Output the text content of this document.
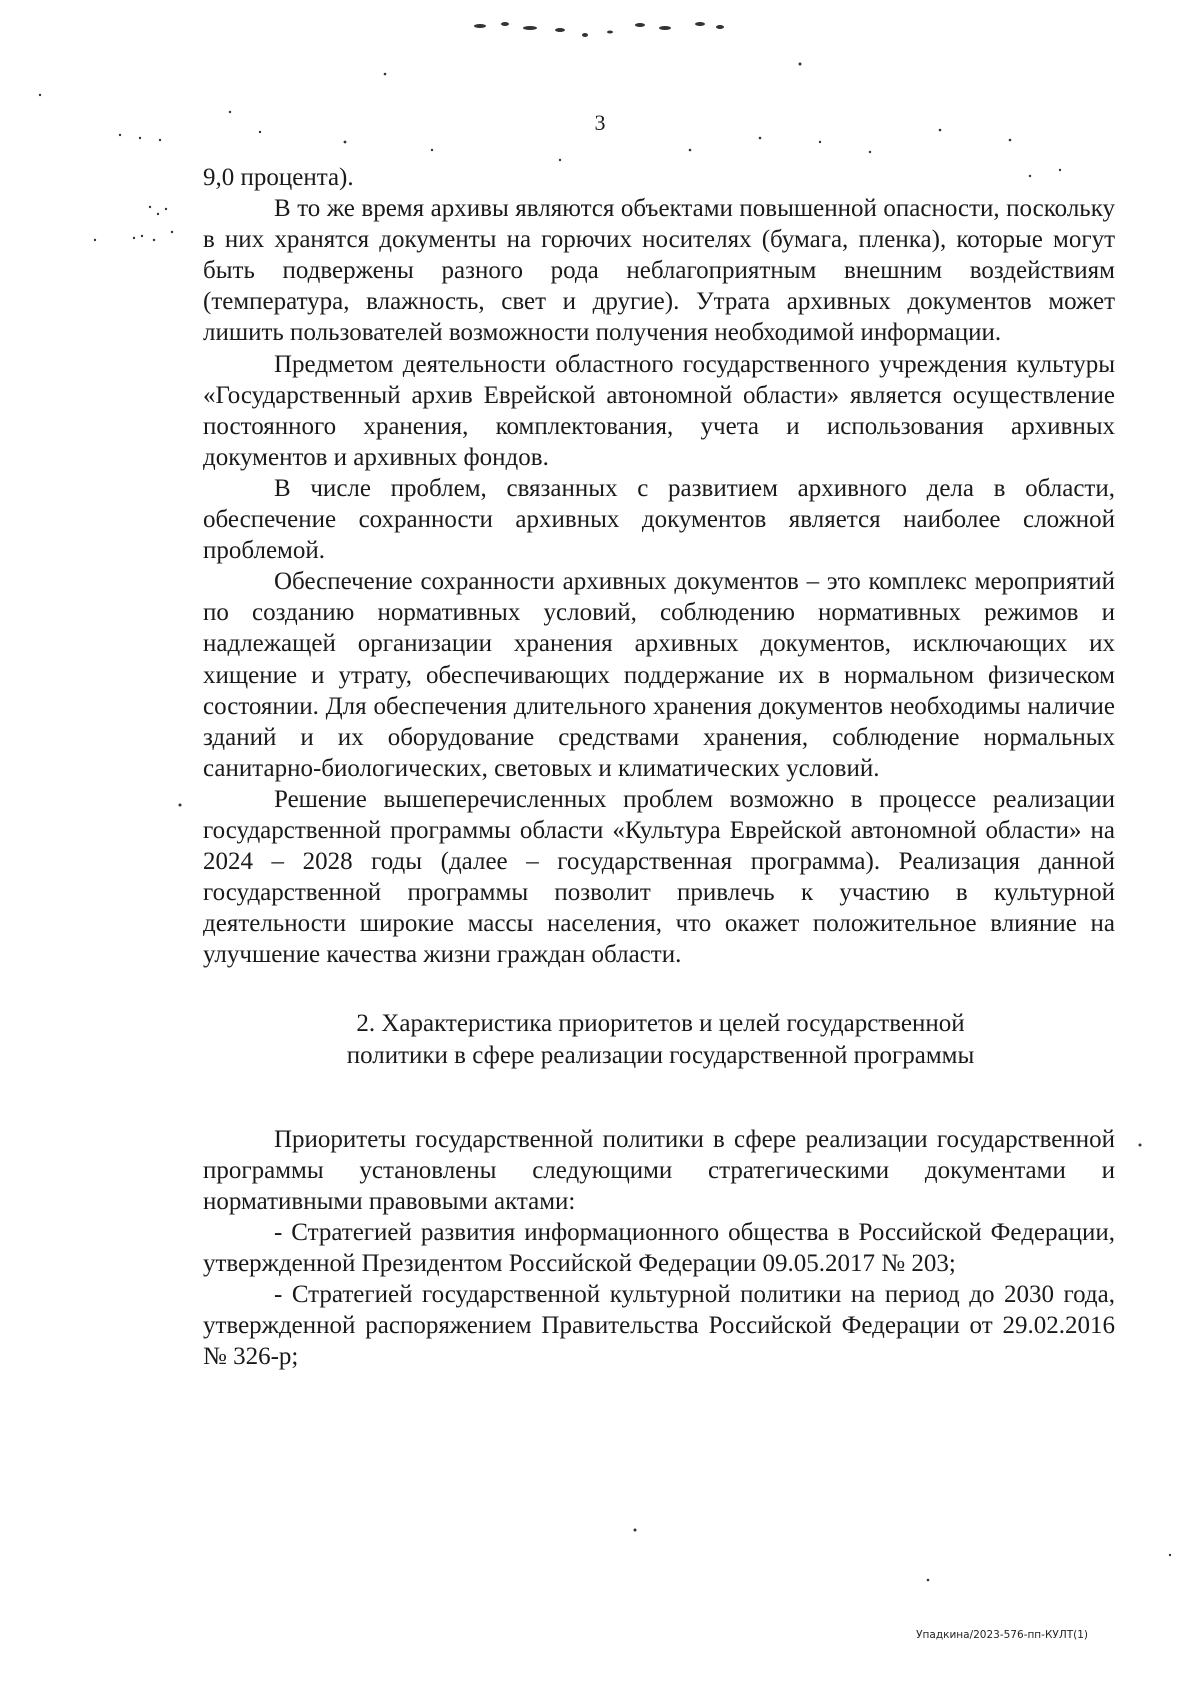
3

9,0 процента).

В то же время архивы являются объектами повышенной опасности, поскольку в них хранятся документы на горючих носителях (бумага, пленка), которые могут быть подвержены разного рода неблагоприятным внешним воздействиям (температура, влажность, свет и другие). Утрата архивных документов может лишить пользователей возможности получения необходимой информации.

Предметом деятельности областного государственного учреждения культуры «Государственный архив Еврейской автономной области» является осуществление постоянного хранения, комплектования, учета и использования архивных документов и архивных фондов.

В числе проблем, связанных с развитием архивного дела в области, обеспечение сохранности архивных документов является наиболее сложной проблемой.

Обеспечение сохранности архивных документов – это комплекс мероприятий по созданию нормативных условий, соблюдению нормативных режимов и надлежащей организации хранения архивных документов, исключающих их хищение и утрату, обеспечивающих поддержание их в нормальном физическом состоянии. Для обеспечения длительного хранения документов необходимы наличие зданий и их оборудование средствами хранения, соблюдение нормальных санитарно-биологических, световых и климатических условий.

Решение вышеперечисленных проблем возможно в процессе реализации государственной программы области «Культура Еврейской автономной области» на 2024 – 2028 годы (далее – государственная программа). Реализация данной государственной программы позволит привлечь к участию в культурной деятельности широкие массы населения, что окажет положительное влияние на улучшение качества жизни граждан области.

2. Характеристика приоритетов и целей государственной
политики в сфере реализации государственной программы

Приоритеты государственной политики в сфере реализации государственной программы установлены следующими стратегическими документами и нормативными правовыми актами:

- Стратегией развития информационного общества в Российской Федерации, утвержденной Президентом Российской Федерации 09.05.2017 № 203;

- Стратегией государственной культурной политики на период до 2030 года, утвержденной распоряжением Правительства Российской Федерации от 29.02.2016 № 326-р;

Упадкина/2023-576-пп-КУЛТ(1)
